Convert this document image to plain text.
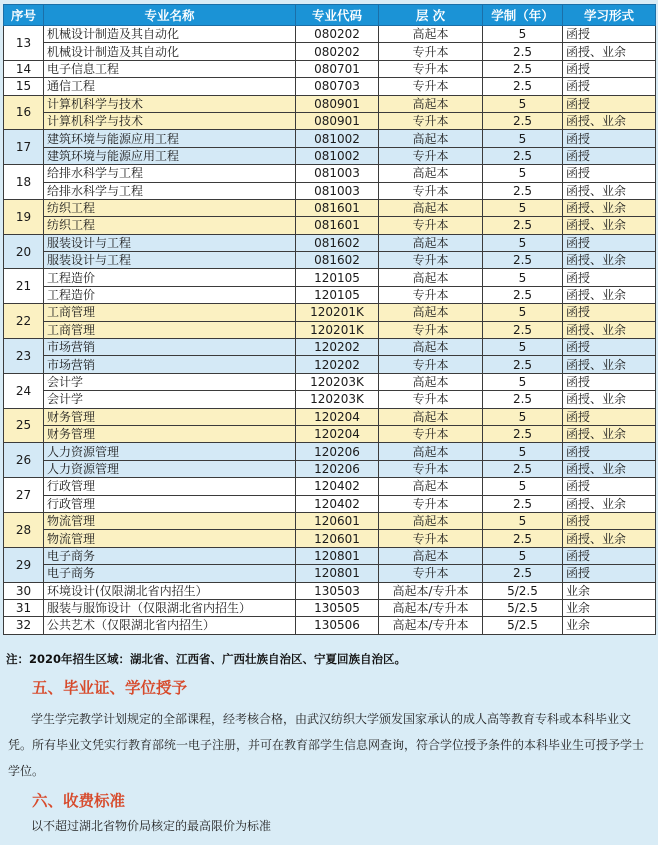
序号	专业名称	专业代码	层 次	学制（年）	学习形式
13	机械设计制造及其自动化	080202	高起本	5	函授
	机械设计制造及其自动化	080202	专升本	2.5	函授、业余
14	电子信息工程	080701	专升本	2.5	函授
15	通信工程	080703	专升本	2.5	函授
16	计算机科学与技术	080901	高起本	5	函授
	计算机科学与技术	080901	专升本	2.5	函授、业余
17	建筑环境与能源应用工程	081002	高起本	5	函授
	建筑环境与能源应用工程	081002	专升本	2.5	函授
18	给排水科学与工程	081003	高起本	5	函授
	给排水科学与工程	081003	专升本	2.5	函授、业余
19	纺织工程	081601	高起本	5	函授、业余
	纺织工程	081601	专升本	2.5	函授、业余
20	服装设计与工程	081602	高起本	5	函授
	服装设计与工程	081602	专升本	2.5	函授、业余
21	工程造价	120105	高起本	5	函授
	工程造价	120105	专升本	2.5	函授、业余
22	工商管理	120201K	高起本	5	函授
	工商管理	120201K	专升本	2.5	函授、业余
23	市场营销	120202	高起本	5	函授
	市场营销	120202	专升本	2.5	函授、业余
24	会计学	120203K	高起本	5	函授
	会计学	120203K	专升本	2.5	函授、业余
25	财务管理	120204	高起本	5	函授
	财务管理	120204	专升本	2.5	函授、业余
26	人力资源管理	120206	高起本	5	函授
	人力资源管理	120206	专升本	2.5	函授、业余
27	行政管理	120402	高起本	5	函授
	行政管理	120402	专升本	2.5	函授、业余
28	物流管理	120601	高起本	5	函授
	物流管理	120601	专升本	2.5	函授、业余
29	电子商务	120801	高起本	5	函授
	电子商务	120801	专升本	2.5	函授
30	环境设计(仅限湖北省内招生）	130503	高起本/专升本	5/2.5	业余
31	服装与服饰设计（仅限湖北省内招生）	130505	高起本/专升本	5/2.5	业余
32	公共艺术（仅限湖北省内招生）	130506	高起本/专升本	5/2.5	业余
注：2020年招生区域：湖北省、江西省、广西壮族自治区、宁夏回族自治区。
五、毕业证、学位授予
学生学完教学计划规定的全部课程，经考核合格，由武汉纺织大学颁发国家承认的成人高等教育专科或本科毕业文凭。所有毕业文凭实行教育部统一电子注册，并可在教育部学生信息网查询，符合学位授予条件的本科毕业生可授予学士学位。
六、收费标准
以不超过湖北省物价局核定的最高限价为标准
